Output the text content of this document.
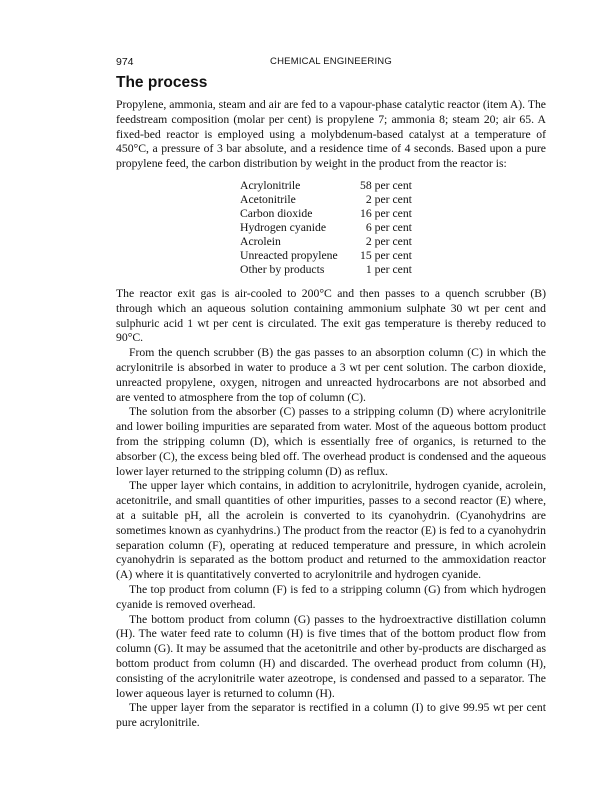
974	CHEMICAL ENGINEERING
The process

Propylene, ammonia, steam and air are fed to a vapour-phase catalytic reactor (item A). The feedstream composition (molar per cent) is propylene 7; ammonia 8; steam 20; air 65. A fixed-bed reactor is employed using a molybdenum-based catalyst at a temperature of 450°C, a pressure of 3 bar absolute, and a residence time of 4 seconds. Based upon a pure propylene feed, the carbon distribution by weight in the product from the reactor is:

Acrylonitrile	58 per cent
Acetonitrile	2 per cent
Carbon dioxide	16 per cent
Hydrogen cyanide	6 per cent
Acrolein	2 per cent
Unreacted propylene	15 per cent
Other by products	1 per cent

The reactor exit gas is air-cooled to 200°C and then passes to a quench scrubber (B) through which an aqueous solution containing ammonium sulphate 30 wt per cent and sulphuric acid 1 wt per cent is circulated. The exit gas temperature is thereby reduced to 90°C.

From the quench scrubber (B) the gas passes to an absorption column (C) in which the acrylonitrile is absorbed in water to produce a 3 wt per cent solution. The carbon dioxide, unreacted propylene, oxygen, nitrogen and unreacted hydrocarbons are not absorbed and are vented to atmosphere from the top of column (C).

The solution from the absorber (C) passes to a stripping column (D) where acrylonitrile and lower boiling impurities are separated from water. Most of the aqueous bottom product from the stripping column (D), which is essentially free of organics, is returned to the absorber (C), the excess being bled off. The overhead product is condensed and the aqueous lower layer returned to the stripping column (D) as reflux.

The upper layer which contains, in addition to acrylonitrile, hydrogen cyanide, acrolein, acetonitrile, and small quantities of other impurities, passes to a second reactor (E) where, at a suitable pH, all the acrolein is converted to its cyanohydrin. (Cyanohydrins are sometimes known as cyanhydrins.) The product from the reactor (E) is fed to a cyanohydrin separation column (F), operating at reduced temperature and pressure, in which acrolein cyanohydrin is separated as the bottom product and returned to the ammoxidation reactor (A) where it is quantitatively converted to acrylonitrile and hydrogen cyanide.

The top product from column (F) is fed to a stripping column (G) from which hydrogen cyanide is removed overhead.

The bottom product from column (G) passes to the hydroextractive distillation column (H). The water feed rate to column (H) is five times that of the bottom product flow from column (G). It may be assumed that the acetonitrile and other by-products are discharged as bottom product from column (H) and discarded. The overhead product from column (H), consisting of the acrylonitrile water azeotrope, is condensed and passed to a separator. The lower aqueous layer is returned to column (H).

The upper layer from the separator is rectified in a column (I) to give 99.95 wt per cent pure acrylonitrile.
